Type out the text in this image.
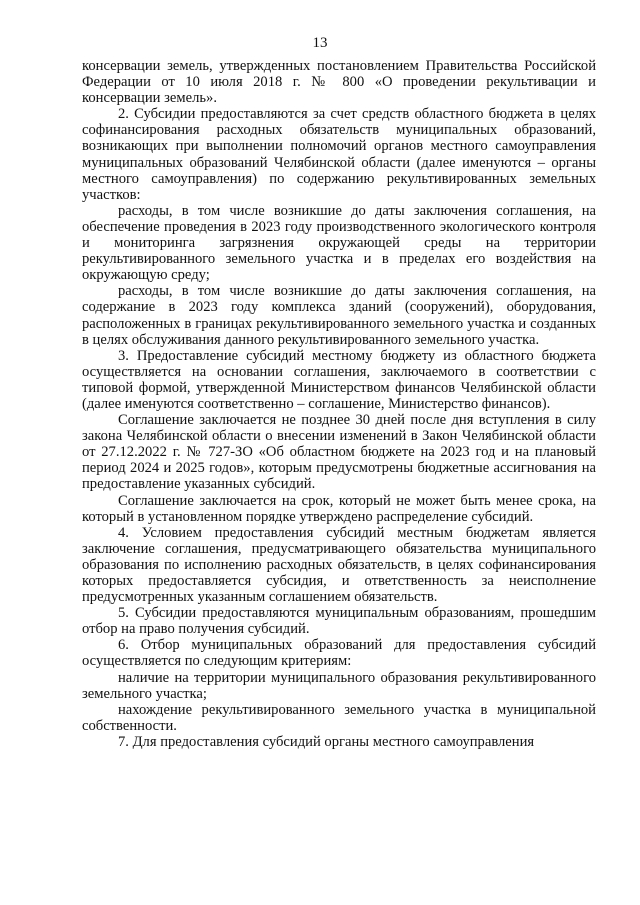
13

консервации земель, утвержденных постановлением Правительства Российской Федерации от 10 июля 2018 г. № 800 «О проведении рекультивации и консервации земель».

2. Субсидии предоставляются за счет средств областного бюджета в целях софинансирования расходных обязательств муниципальных образований, возникающих при выполнении полномочий органов местного самоуправления муниципальных образований Челябинской области (далее именуются – органы местного самоуправления) по содержанию рекультивированных земельных участков:

расходы, в том числе возникшие до даты заключения соглашения, на обеспечение проведения в 2023 году производственного экологического контроля и мониторинга загрязнения окружающей среды на территории рекультивированного земельного участка и в пределах его воздействия на окружающую среду;

расходы, в том числе возникшие до даты заключения соглашения, на содержание в 2023 году комплекса зданий (сооружений), оборудования, расположенных в границах рекультивированного земельного участка и созданных в целях обслуживания данного рекультивированного земельного участка.

3. Предоставление субсидий местному бюджету из областного бюджета осуществляется на основании соглашения, заключаемого в соответствии с типовой формой, утвержденной Министерством финансов Челябинской области (далее именуются соответственно – соглашение, Министерство финансов).

Соглашение заключается не позднее 30 дней после дня вступления в силу закона Челябинской области о внесении изменений в Закон Челябинской области от 27.12.2022 г. № 727-ЗО «Об областном бюджете на 2023 год и на плановый период 2024 и 2025 годов», которым предусмотрены бюджетные ассигнования на предоставление указанных субсидий.

Соглашение заключается на срок, который не может быть менее срока, на который в установленном порядке утверждено распределение субсидий.

4. Условием предоставления субсидий местным бюджетам является заключение соглашения, предусматривающего обязательства муниципального образования по исполнению расходных обязательств, в целях софинансирования которых предоставляется субсидия, и ответственность за неисполнение предусмотренных указанным соглашением обязательств.

5. Субсидии предоставляются муниципальным образованиям, прошедшим отбор на право получения субсидий.

6. Отбор муниципальных образований для предоставления субсидий осуществляется по следующим критериям:

наличие на территории муниципального образования рекультивированного земельного участка;

нахождение рекультивированного земельного участка в муниципальной собственности.

7. Для предоставления субсидий органы местного самоуправления
